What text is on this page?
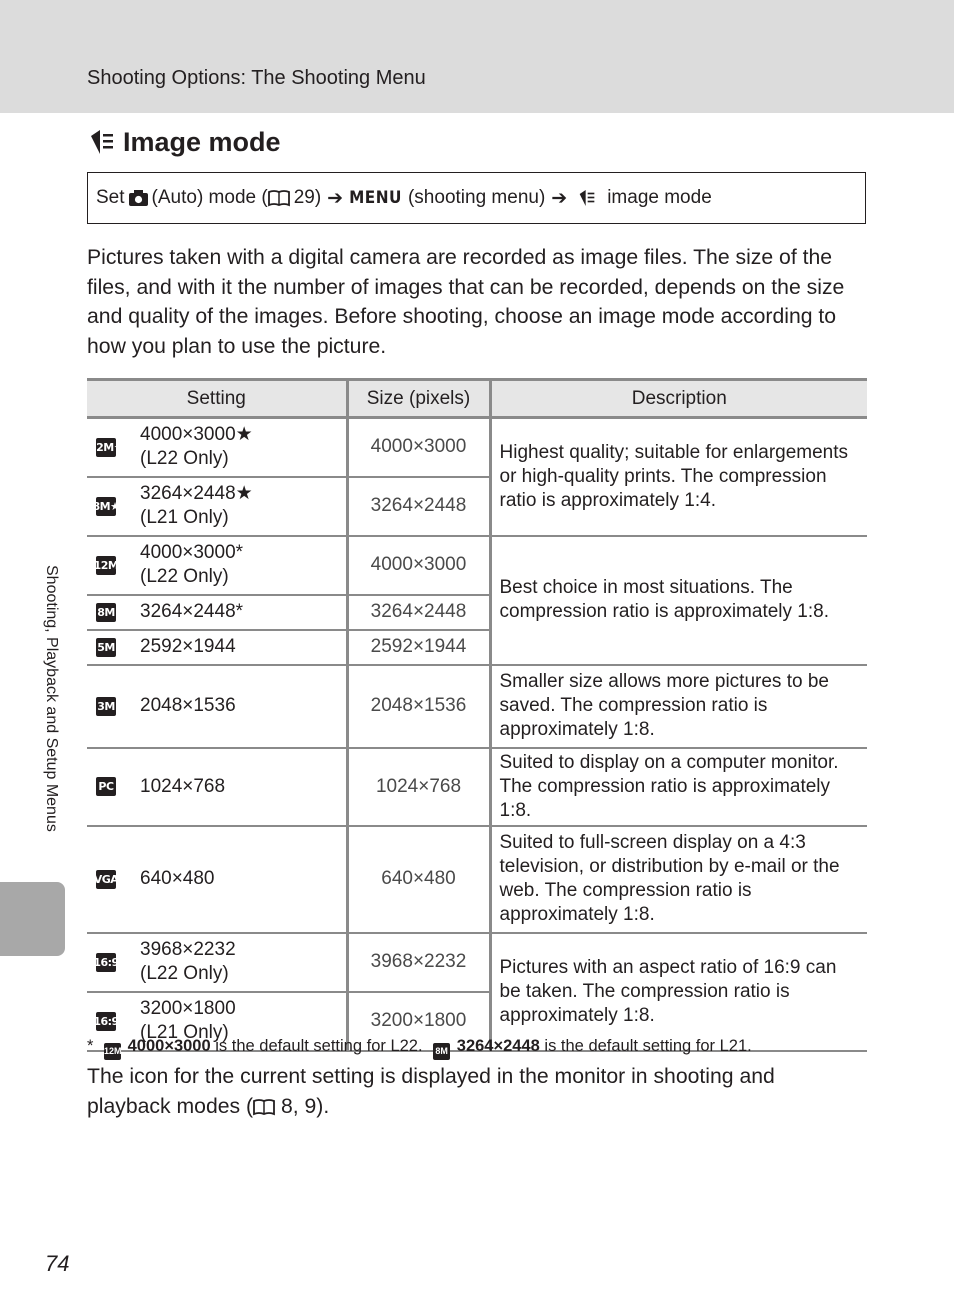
Shooting Options: The Shooting Menu
Image mode
Set (Auto) mode ( 29) ➔ MENU (shooting menu) ➔ image mode

Pictures taken with a digital camera are recorded as image files. The size of the files, and with it the number of images that can be recorded, depends on the size and quality of the images. Before shooting, choose an image mode according to how you plan to use the picture.

Setting	Size (pixels)	Description

12M★
4000×3000★
(L22 Only)	4000×3000	Highest quality; suitable for enlargements or high-quality prints. The compression ratio is approximately 1:4.

8M★
3264×2448★
(L21 Only)	3264×2448	

12M
4000×3000*
(L22 Only)	4000×3000	Best choice in most situations. The compression ratio is approximately 1:8.

8M 3264×2448*	3264×2448	

5M 2592×1944	2592×1944	

3M 2048×1536	2048×1536	Smaller size allows more pictures to be saved. The compression ratio is approximately 1:8.

PC 1024×768	1024×768	Suited to display on a computer monitor. The compression ratio is approximately 1:8.

VGA 640×480	640×480	Suited to full-screen display on a 4:3 television, or distribution by e-mail or the web. The compression ratio is approximately 1:8.

16:9
3968×2232
(L22 Only)	3968×2232	Pictures with an aspect ratio of 16:9 can be taken. The compression ratio is approximately 1:8.

16:9
3200×1800
(L21 Only)	3200×1800	
* 12M 4000×3000 is the default setting for L22. 8M 3264×2448 is the default setting for L21.

The icon for the current setting is displayed in the monitor in shooting and playback modes ( 8, 9).

Shooting, Playback and Setup Menus
74
